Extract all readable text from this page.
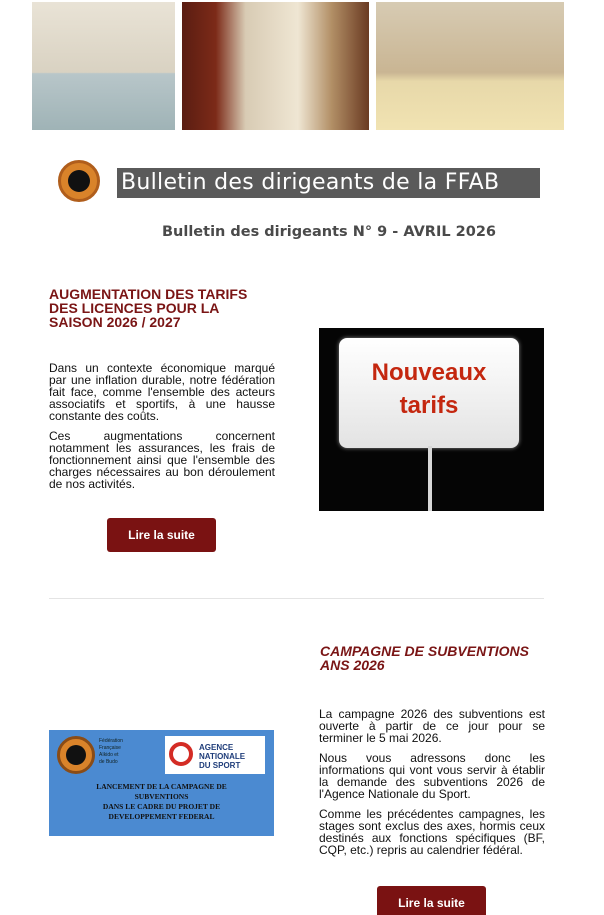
Bulletin des dirigeants de la FFAB
Bulletin des dirigeants N° 9 - AVRIL 2026
AUGMENTATION DES TARIFS DES LICENCES POUR LA SAISON 2026 / 2027

Dans un contexte économique marqué par une inflation durable, notre fédération fait face, comme l'ensemble des acteurs associatifs et sportifs, à une hausse constante des coûts.

Ces augmentations concernent notamment les assurances, les frais de fonctionnement ainsi que l'ensemble des charges nécessaires au bon déroulement de nos activités.

Lire la suite
Nouveaux
tarifs
Fédération
Française
Aïkido et
de Budo
AGENCE
NATIONALE
DU SPORT
LANCEMENT DE LA CAMPAGNE DE
SUBVENTIONS
DANS LE CADRE DU PROJET DE
DEVELOPPEMENT FEDERAL
CAMPAGNE DE SUBVENTIONS ANS 2026

La campagne 2026 des subventions est ouverte à partir de ce jour pour se terminer le 5 mai 2026.

Nous vous adressons donc les informations qui vont vous servir à établir la demande des subventions 2026 de l'Agence Nationale du Sport.

Comme les précédentes campagnes, les stages sont exclus des axes, hormis ceux destinés aux fonctions spécifiques (BF, CQP, etc.) repris au calendrier fédéral.

Lire la suite
